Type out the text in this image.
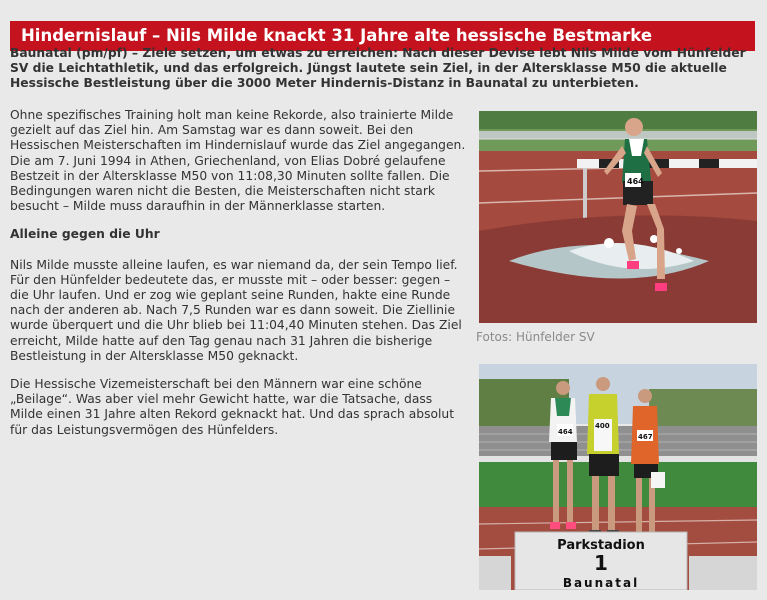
Hindernislauf – Nils Milde knackt 31 Jahre alte hessische Bestmarke

Baunatal (pm/pf) – Ziele setzen, um etwas zu erreichen: Nach dieser Devise lebt Nils Milde vom Hünfelder SV die Leichtathletik, und das erfolgreich. Jüngst lautete sein Ziel, in der Altersklasse M50 die aktuelle Hessische Bestleistung über die 3000 Meter Hindernis-Distanz in Baunatal zu unterbieten.

Ohne spezifisches Training holt man keine Rekorde, also trainierte Milde gezielt auf das Ziel hin. Am Samstag war es dann soweit. Bei den Hessischen Meisterschaften im Hindernislauf wurde das Ziel angegangen. Die am 7. Juni 1994 in Athen, Griechenland, von Elias Dobré gelaufene Bestzeit in der Altersklasse M50 von 11:08,30 Minuten sollte fallen. Die Bedingungen waren nicht die Besten, die Meisterschaften nicht stark besucht – Milde muss daraufhin in der Männerklasse starten.

Alleine gegen die Uhr

Nils Milde musste alleine laufen, es war niemand da, der sein Tempo lief. Für den Hünfelder bedeutete das, er musste mit – oder besser: gegen – die Uhr laufen. Und er zog wie geplant seine Runden, hakte eine Runde nach der anderen ab. Nach 7,5 Runden war es dann soweit. Die Ziellinie wurde überquert und die Uhr blieb bei 11:04,40 Minuten stehen. Das Ziel erreicht, Milde hatte auf den Tag genau nach 31 Jahren die bisherige Bestleistung in der Altersklasse M50 geknackt.

Die Hessische Vizemeisterschaft bei den Männern war eine schöne „Beilage“. Was aber viel mehr Gewicht hatte, war die Tatsache, dass Milde einen 31 Jahre alten Rekord geknackt hat. Und das sprach absolut für das Leistungsvermögen des Hünfelders.

464
Fotos: Hünfelder SV
464
400
467
Parkstadion
1
Baunatal
